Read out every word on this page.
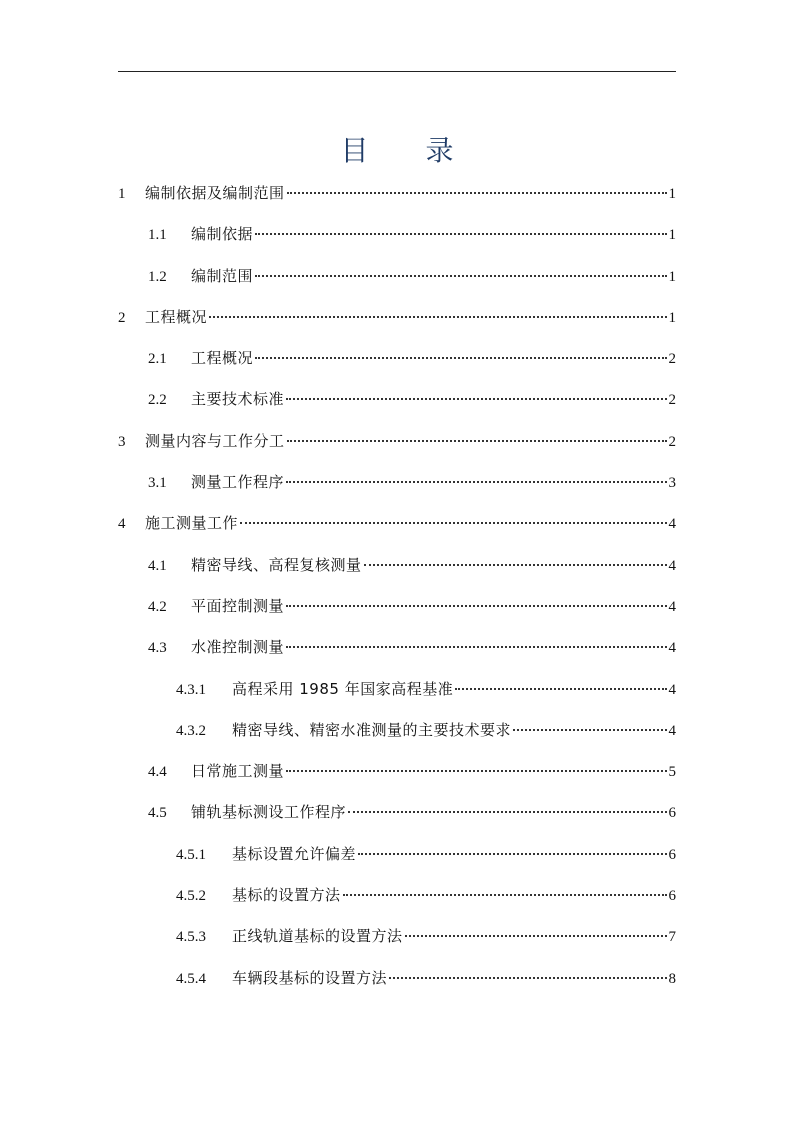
目 录
1	编制依据及编制范围	1
1.1	编制依据	1
1.2	编制范围	1
2	工程概况	1
2.1	工程概况	2
2.2	主要技术标准	2
3	测量内容与工作分工	2
3.1	测量工作程序	3
4	施工测量工作	4
4.1	精密导线、高程复核测量	4
4.2	平面控制测量	4
4.3	水准控制测量	4
4.3.1	高程采用 1985 年国家高程基准	4
4.3.2	精密导线、精密水准测量的主要技术要求	4
4.4	日常施工测量	5
4.5	铺轨基标测设工作程序	6
4.5.1	基标设置允许偏差	6
4.5.2	基标的设置方法	6
4.5.3	正线轨道基标的设置方法	7
4.5.4	车辆段基标的设置方法	8
